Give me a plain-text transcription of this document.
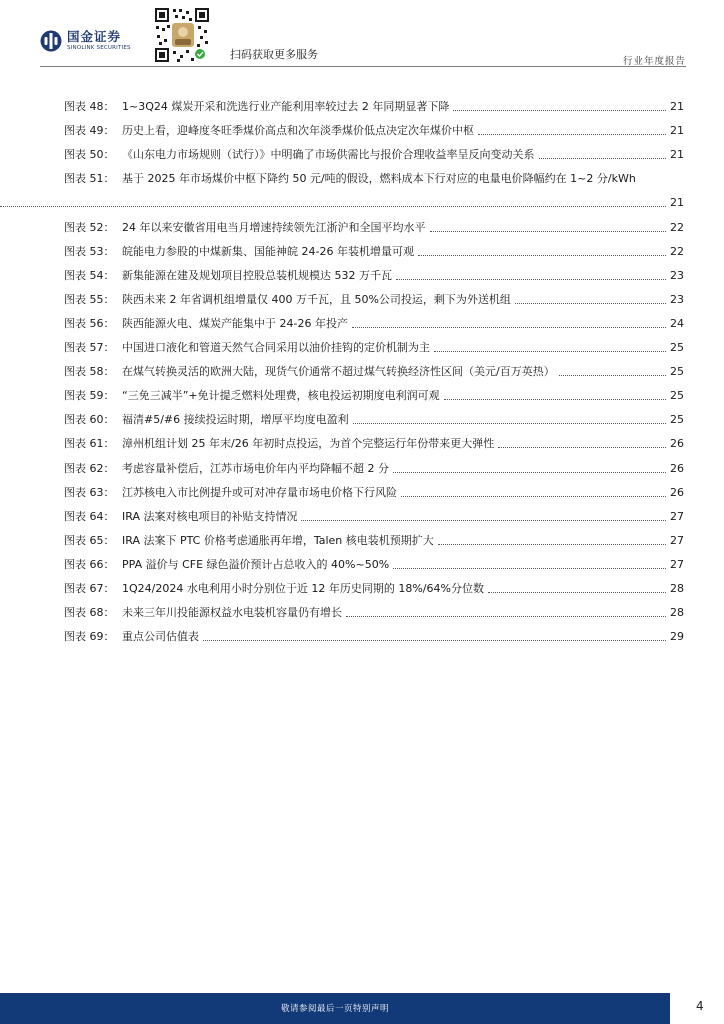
国金证券
SINOLINK SECURITIES
扫码获取更多服务
行业年度报告
图表 48： 1~3Q24 煤炭开采和洗选行业产能利用率较过去 2 年同期显著下降	21
图表 49： 历史上看，迎峰度冬旺季煤价高点和次年淡季煤价低点决定次年煤价中枢	21
图表 50： 《山东电力市场规则（试行）》中明确了市场供需比与报价合理收益率呈反向变动关系	21
图表 51： 基于 2025 年市场煤价中枢下降约 50 元/吨的假设，燃料成本下行对应的电量电价降幅约在 1~2 分/kWh
21
图表 52： 24 年以来安徽省用电当月增速持续领先江浙沪和全国平均水平	22
图表 53： 皖能电力参股的中煤新集、国能神皖 24-26 年装机增量可观	22
图表 54： 新集能源在建及规划项目控股总装机规模达 532 万千瓦	23
图表 55： 陕西未来 2 年省调机组增量仅 400 万千瓦，且 50%公司投运，剩下为外送机组	23
图表 56： 陕西能源火电、煤炭产能集中于 24-26 年投产	24
图表 57： 中国进口液化和管道天然气合同采用以油价挂钩的定价机制为主	25
图表 58： 在煤气转换灵活的欧洲大陆，现货气价通常不超过煤气转换经济性区间（美元/百万英热）	25
图表 59： “三免三减半”+免计提乏燃料处理费，核电投运初期度电利润可观	25
图表 60： 福清#5/#6 接续投运时期，增厚平均度电盈利	25
图表 61： 漳州机组计划 25 年末/26 年初时点投运，为首个完整运行年份带来更大弹性	26
图表 62： 考虑容量补偿后，江苏市场电价年内平均降幅不超 2 分	26
图表 63： 江苏核电入市比例提升或可对冲存量市场电价格下行风险	26
图表 64： IRA 法案对核电项目的补贴支持情况	27
图表 65： IRA 法案下 PTC 价格考虑通胀再年增，Talen 核电装机预期扩大	27
图表 66： PPA 溢价与 CFE 绿色溢价预计占总收入的 40%~50%	27
图表 67： 1Q24/2024 水电利用小时分别位于近 12 年历史同期的 18%/64%分位数	28
图表 68： 未来三年川投能源权益水电装机容量仍有增长	28
图表 69： 重点公司估值表	29
敬请参阅最后一页特别声明	4
